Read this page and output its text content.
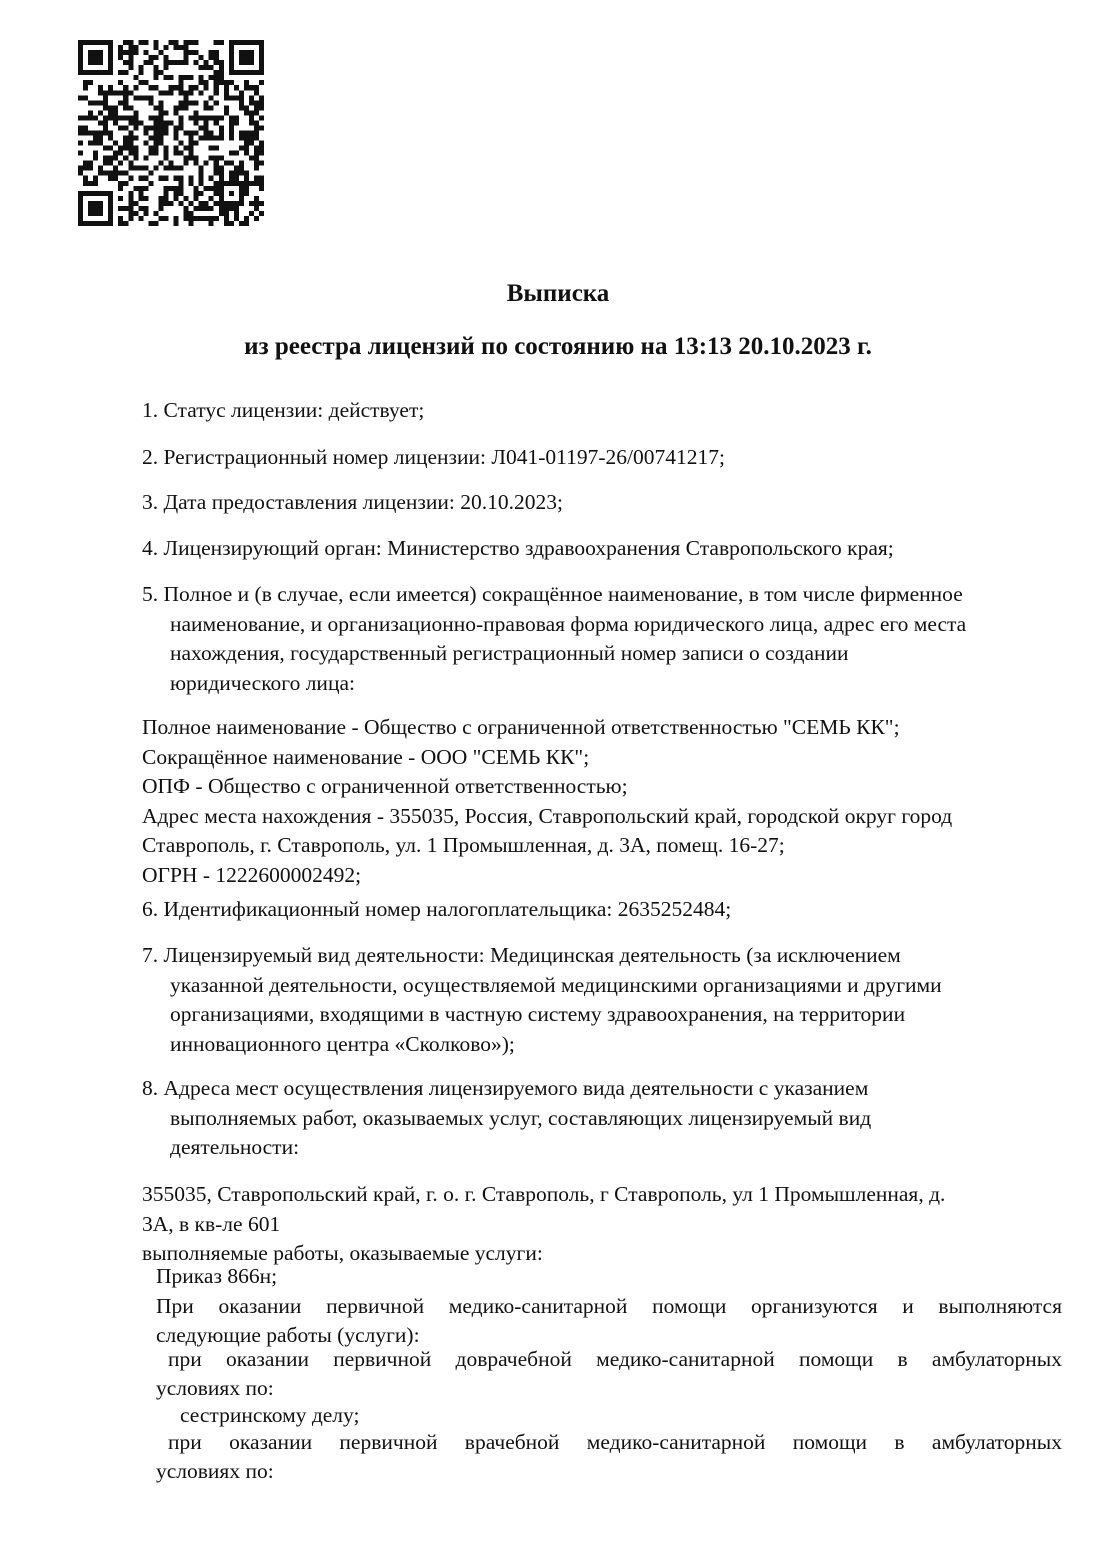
Выписка
из реестра лицензий по состоянию на 13:13 20.10.2023 г.
1. Статус лицензии: действует;
2. Регистрационный номер лицензии: Л041-01197-26/00741217;
3. Дата предоставления лицензии: 20.10.2023;
4. Лицензирующий орган: Министерство здравоохранения Ставропольского края;
5. Полное и (в случае, если имеется) сокращённое наименование, в том числе фирменное
наименование, и организационно-правовая форма юридического лица, адрес его места
нахождения, государственный регистрационный номер записи о создании
юридического лица:
Полное наименование - Общество с ограниченной ответственностью "СЕМЬ КК";
Сокращённое наименование - ООО "СЕМЬ КК";
ОПФ - Общество с ограниченной ответственностью;
Адрес места нахождения - 355035, Россия, Ставропольский край, городской округ город
Ставрополь, г. Ставрополь, ул. 1 Промышленная, д. 3А, помещ. 16-27;
ОГРН - 1222600002492;
6. Идентификационный номер налогоплательщика: 2635252484;
7. Лицензируемый вид деятельности: Медицинская деятельность (за исключением
указанной деятельности, осуществляемой медицинскими организациями и другими
организациями, входящими в частную систему здравоохранения, на территории
инновационного центра «Сколково»);
8. Адреса мест осуществления лицензируемого вида деятельности с указанием
выполняемых работ, оказываемых услуг, составляющих лицензируемый вид
деятельности:
355035, Ставропольский край, г. о. г. Ставрополь, г Ставрополь, ул 1 Промышленная, д.
3А, в кв-ле 601
выполняемые работы, оказываемые услуги:
Приказ 866н;
При оказании первичной медико-санитарной помощи организуются и выполняются
следующие работы (услуги):
при оказании первичной доврачебной медико-санитарной помощи в амбулаторных
условиях по:
сестринскому делу;
при оказании первичной врачебной медико-санитарной помощи в амбулаторных
условиях по:
